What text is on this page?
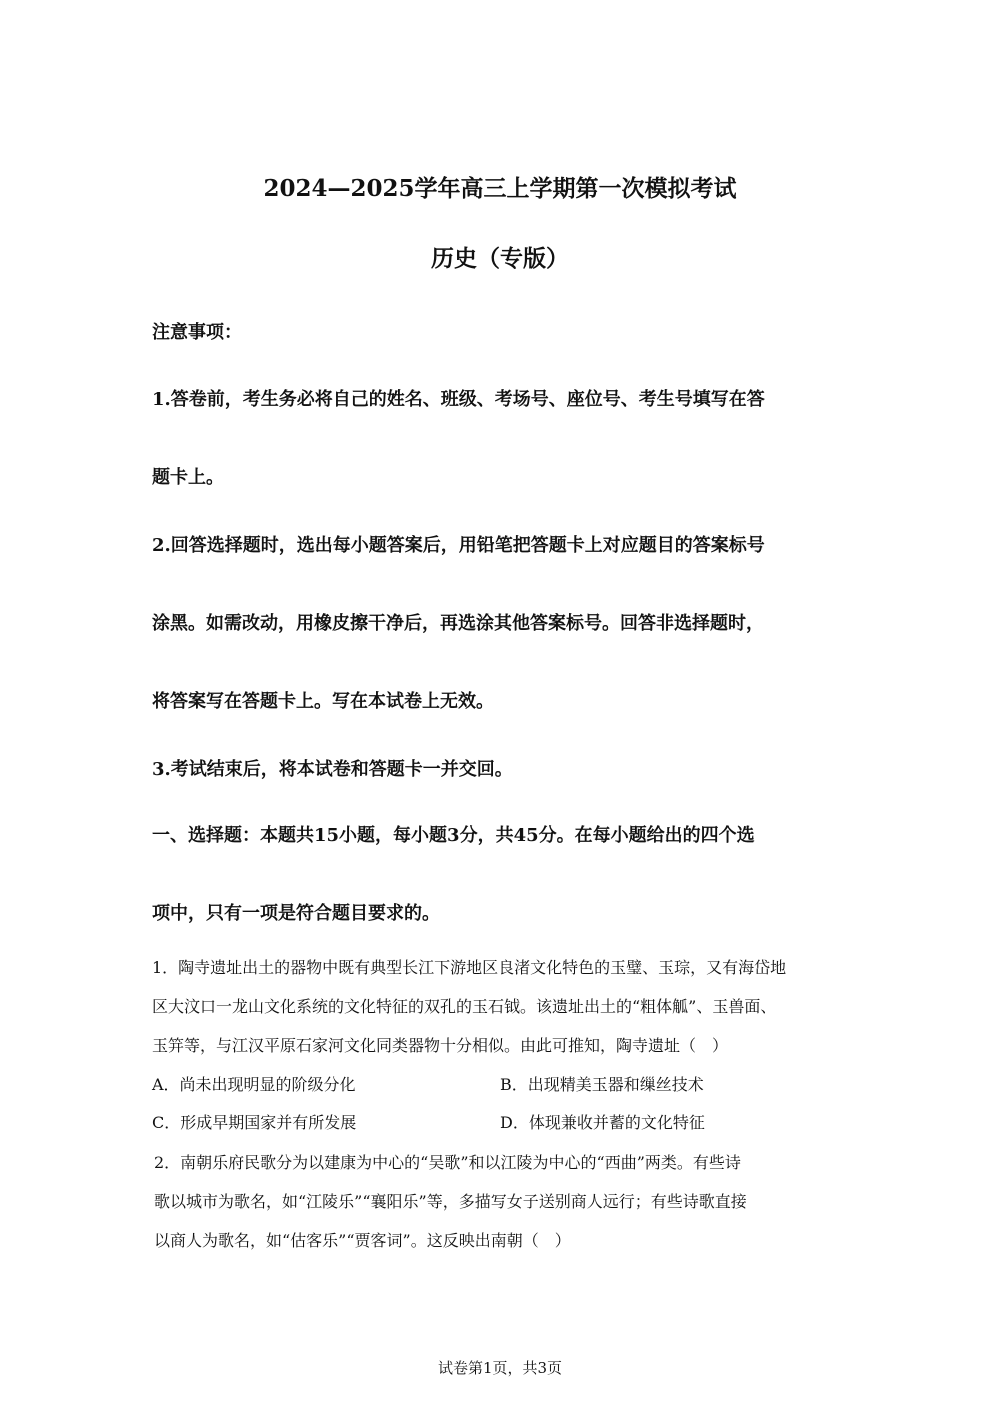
2024—2025学年高三上学期第一次模拟考试
历史（专版）
注意事项：
1.答卷前，考生务必将自己的姓名、班级、考场号、座位号、考生号填写在答
题卡上。
2.回答选择题时，选出每小题答案后，用铅笔把答题卡上对应题目的答案标号
涂黑。如需改动，用橡皮擦干净后，再选涂其他答案标号。回答非选择题时，
将答案写在答题卡上。写在本试卷上无效。
3.考试结束后，将本试卷和答题卡一并交回。
一、选择题：本题共15小题，每小题3分，共45分。在每小题给出的四个选
项中，只有一项是符合题目要求的。
1．陶寺遗址出土的器物中既有典型长江下游地区良渚文化特色的玉璧、玉琮，又有海岱地
区大汶口一龙山文化系统的文化特征的双孔的玉石钺。该遗址出土的“粗体觚”、玉兽面、
玉笄等，与江汉平原石家河文化同类器物十分相似。由此可推知，陶寺遗址（　）
A．尚未出现明显的阶级分化	B．出现精美玉器和缫丝技术
C．形成早期国家并有所发展	D．体现兼收并蓄的文化特征
2．南朝乐府民歌分为以建康为中心的“吴歌”和以江陵为中心的“西曲”两类。有些诗
歌以城市为歌名，如“江陵乐”“襄阳乐”等，多描写女子送别商人远行；有些诗歌直接
以商人为歌名，如“估客乐”“贾客词”。这反映出南朝（　）
试卷第1页，共3页
